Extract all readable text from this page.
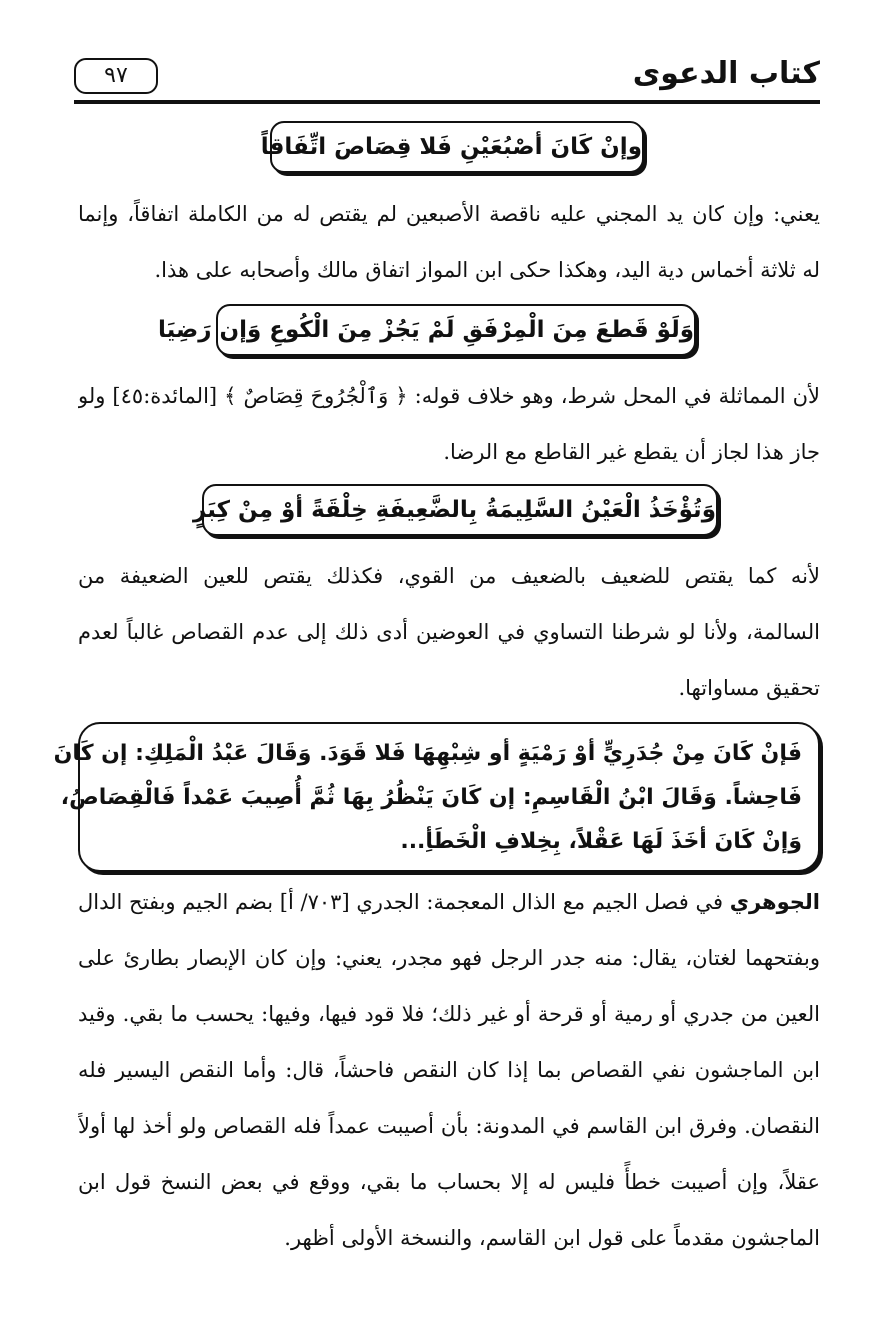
كتاب الدعوى
٩٧
وإنْ كَانَ أصْبُعَيْنِ فَلا قِصَاصَ اتِّفَاقاً
يعني: وإن كان يد المجني عليه ناقصة الأصبعين لم يقتص له من الكاملة اتفاقاً، وإنما
له ثلاثة أخماس دية اليد، وهكذا حكى ابن المواز اتفاق مالك وأصحابه على هذا.
وَلَوْ قَطعَ مِنَ الْمِرْفَقِ لَمْ يَجُزْ مِنَ الْكُوعِ وَإن رَضِيَا
لأن المماثلة في المحل شرط، وهو خلاف قوله: ﴿ وَٱلْجُرُوحَ قِصَاصٌ ﴾ [المائدة:٤٥] ولو
جاز هذا لجاز أن يقطع غير القاطع مع الرضا.
وَتُؤْخَذُ الْعَيْنُ السَّلِيمَةُ بِالضَّعِيفَةِ خِلْقَةً أوْ مِنْ كِبَرٍ
لأنه كما يقتص للضعيف بالضعيف من القوي، فكذلك يقتص للعين الضعيفة من
السالمة، ولأنا لو شرطنا التساوي في العوضين أدى ذلك إلى عدم القصاص غالباً لعدم
تحقيق مساواتها.
فَإنْ كَانَ مِنْ جُدَرِيٍّ أوْ رَمْيَةٍ أو شِبْهِهَا فَلا قَوَدَ. وَقَالَ عَبْدُ الْمَلِكِ: إن كَانَ
فَاحِشاً. وَقَالَ ابْنُ الْقَاسِمِ: إن كَانَ يَنْظُرُ بِهَا ثُمَّ أُصِيبَ عَمْداً فَالْقِصَاصُ،
وَإنْ كَانَ أخَذَ لَهَا عَقْلاً، بِخِلافِ الْخَطَأِ...
الجوهري في فصل الجيم مع الذال المعجمة: الجدري [٧٠٣/ أ] بضم الجيم وبفتح الدال
وبفتحهما لغتان، يقال: منه جدر الرجل فهو مجدر، يعني: وإن كان الإبصار بطارئ على
العين من جدري أو رمية أو قرحة أو غير ذلك؛ فلا قود فيها، وفيها: يحسب ما بقي. وقيد
ابن الماجشون نفي القصاص بما إذا كان النقص فاحشاً، قال: وأما النقص اليسير فله
النقصان. وفرق ابن القاسم في المدونة: بأن أصيبت عمداً فله القصاص ولو أخذ لها أولاً
عقلاً، وإن أصيبت خطأً فليس له إلا بحساب ما بقي، ووقع في بعض النسخ قول ابن
الماجشون مقدماً على قول ابن القاسم، والنسخة الأولى أظهر.
